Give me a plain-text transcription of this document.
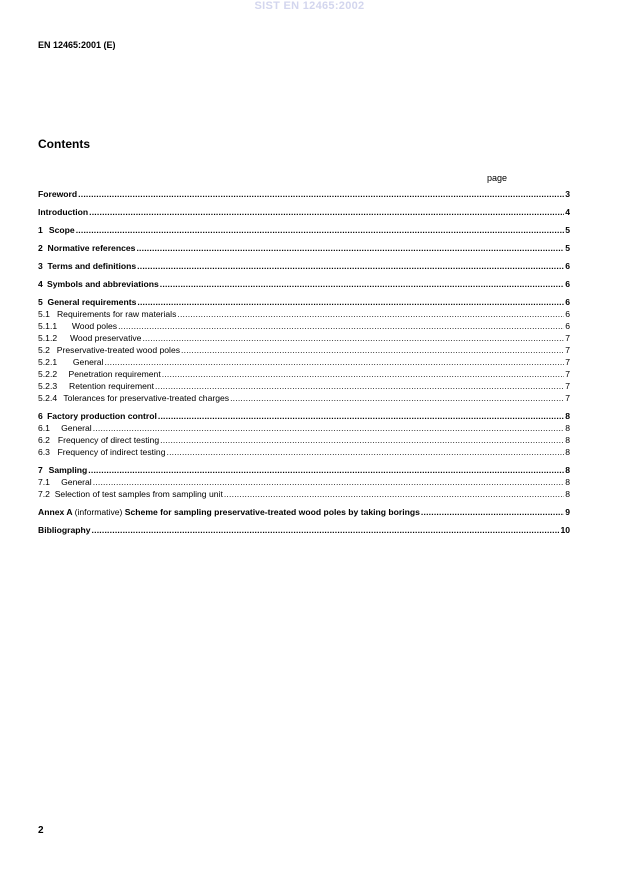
SIST EN 12465:2002
EN 12465:2001 (E)
Contents
page
Foreword .....	3
Introduction .....	4
1 Scope .....	5
2 Normative references .....	5
3 Terms and definitions .....	6
4 Symbols and abbreviations .....	6
5 General requirements .....	6
5.1 Requirements for raw materials .....	6
5.1.1	Wood poles .....	6
5.1.2	Wood preservative .....	7
5.2 Preservative-treated wood poles .....	7
5.2.1	General .....	7
5.2.2	Penetration requirement .....	7
5.2.3	Retention requirement .....	7
5.2.4 Tolerances for preservative-treated charges .....	7
6 Factory production control .....	8
6.1	General .....	8
6.2 Frequency of direct testing .....	8
6.3 Frequency of indirect testing .....	8
7 Sampling .....	8
7.1	General .....	8
7.2 Selection of test samples from sampling unit .....	8
Annex A (informative) Scheme for sampling preservative-treated wood poles by taking borings .....	9
Bibliography .....	10
2
